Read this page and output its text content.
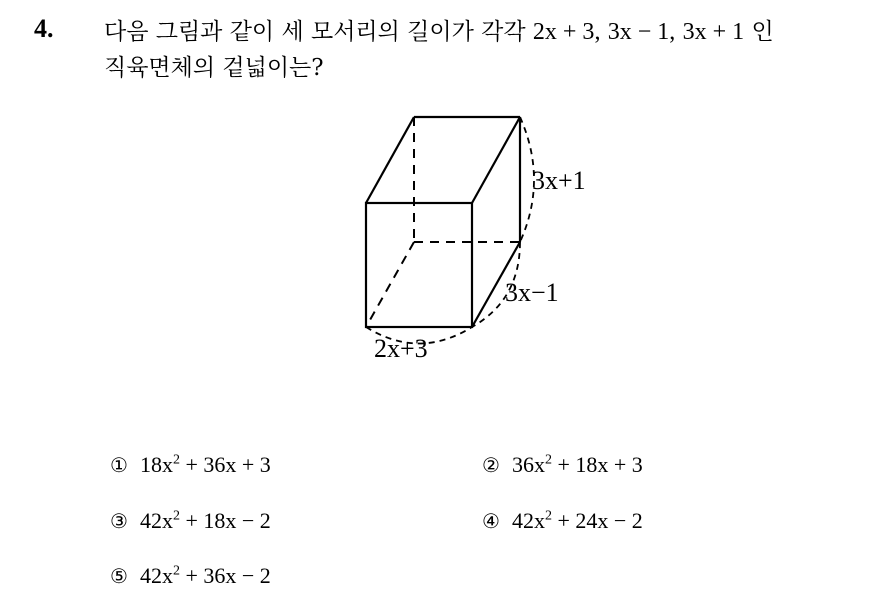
4. 다음 그림과 같이 세 모서리의 길이가 각각 2x + 3, 3x − 1, 3x + 1 인
직육면체의 겉넓이는?
3x+1
3x−1
2x+3
① $18x^2 + 36x + 3$	② $36x^2 + 18x + 3$
③ $42x^2 + 18x - 2$	④ $42x^2 + 24x - 2$
⑤ $42x^2 + 36x - 2$
